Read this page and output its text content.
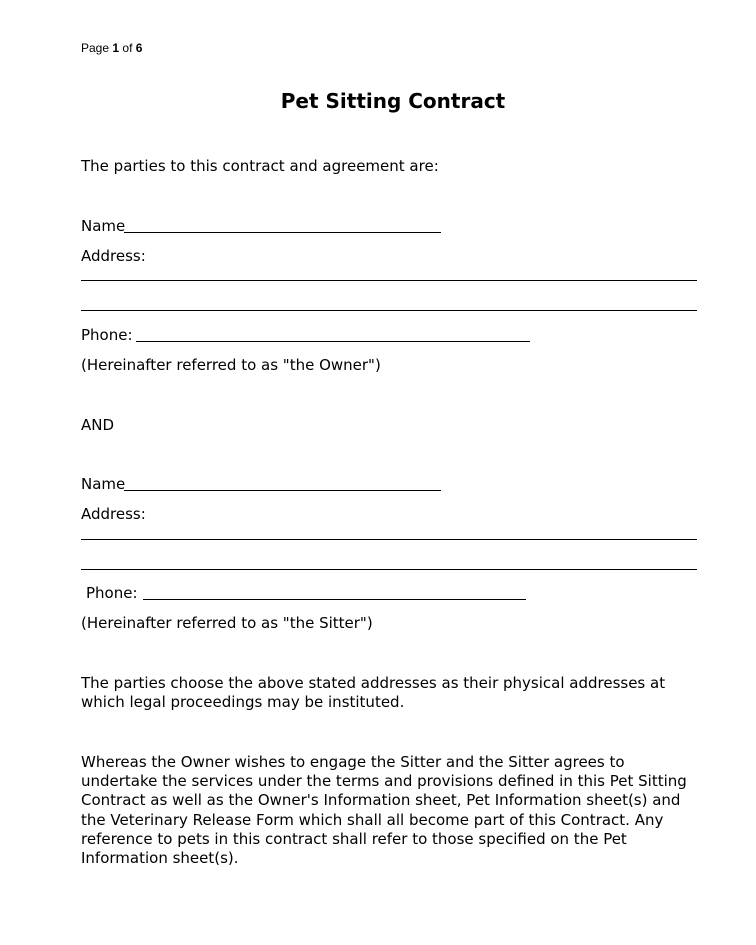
Page 1 of 6
Pet Sitting Contract
The parties to this contract and agreement are:
Name
Address:
Phone:
(Hereinafter referred to as "the Owner")
AND
Name
Address:
Phone:
(Hereinafter referred to as "the Sitter")
The parties choose the above stated addresses as their physical addresses at which legal proceedings may be instituted.
Whereas the Owner wishes to engage the Sitter and the Sitter agrees to undertake the services under the terms and provisions defined in this Pet Sitting Contract as well as the Owner's Information sheet, Pet Information sheet(s) and the Veterinary Release Form which shall all become part of this Contract. Any reference to pets in this contract shall refer to those specified on the Pet Information sheet(s).
